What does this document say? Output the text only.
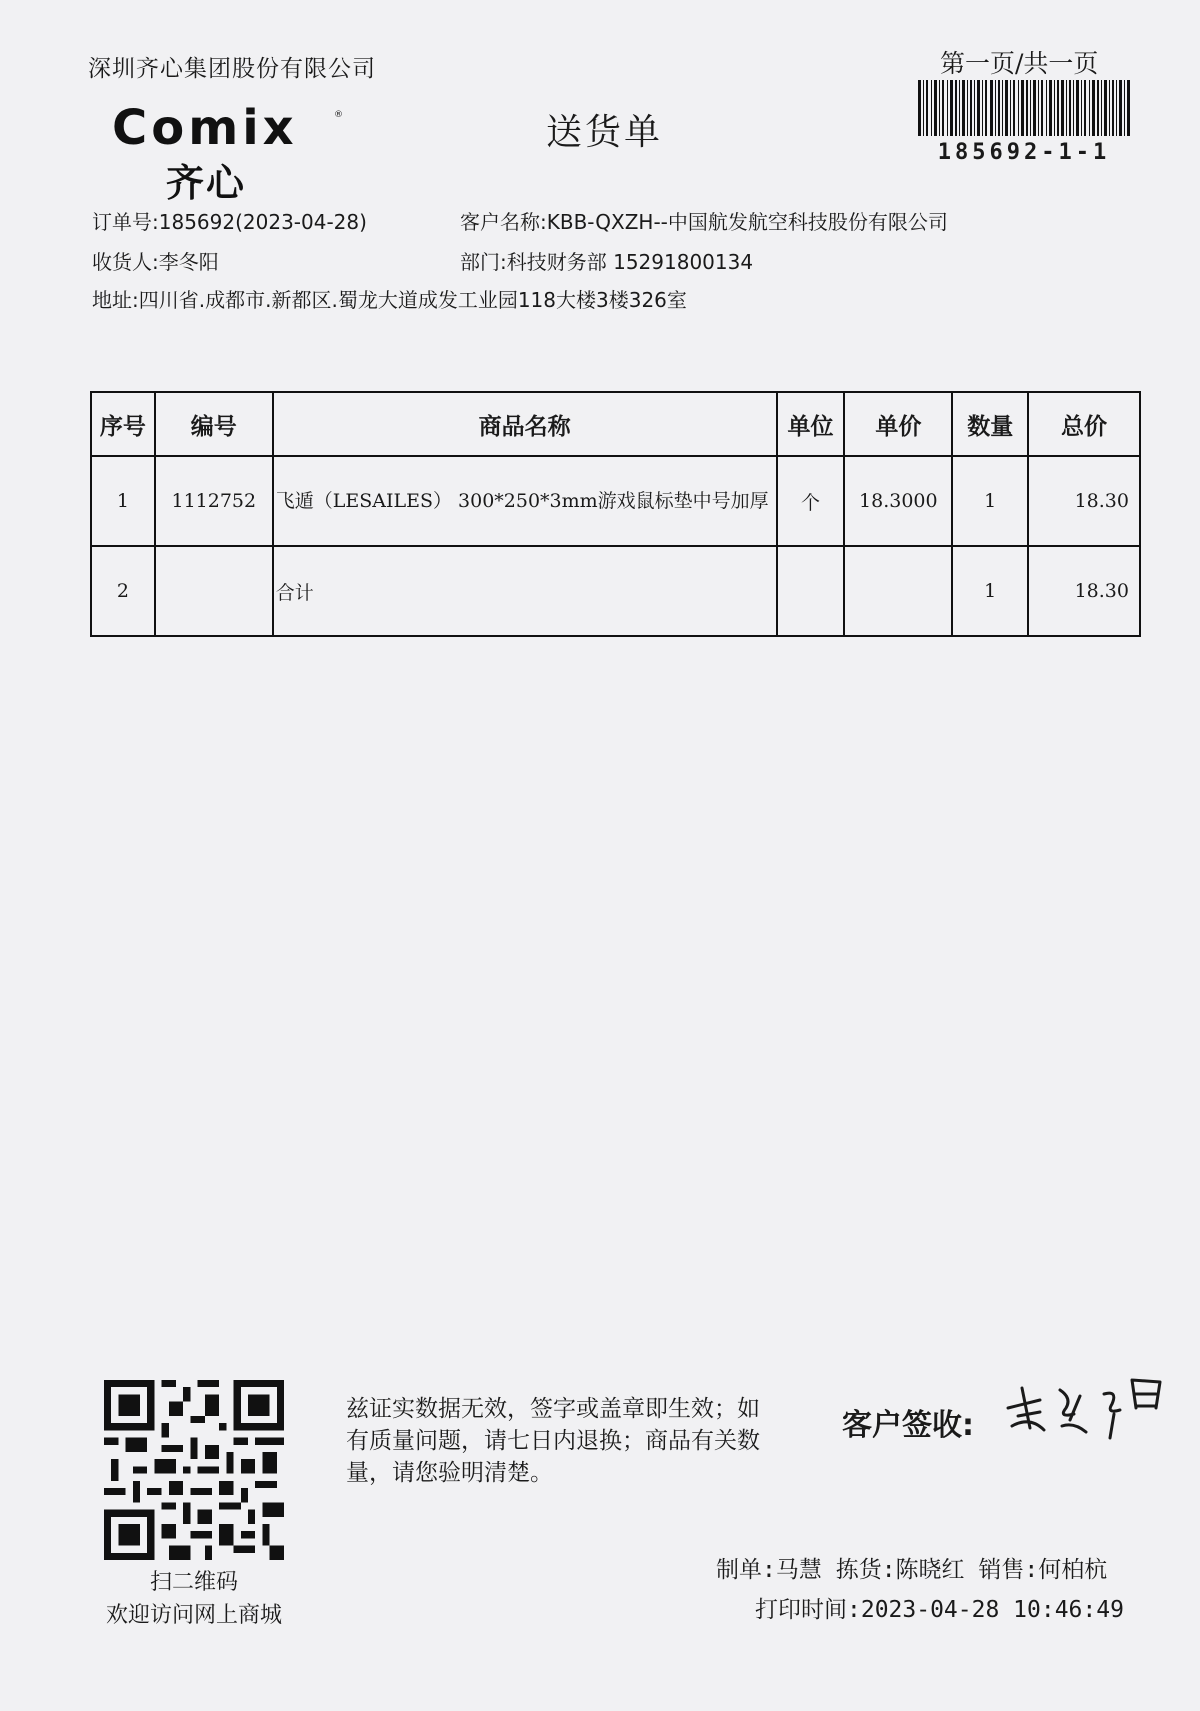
深圳齐心集团股份有限公司	第一页/共一页
185692-1-1
Comix	®
齐心
送货单
订单号:185692(2023-04-28)	客户名称:KBB-QXZH--中国航发航空科技股份有限公司
收货人:李冬阳	部门:科技财务部 15291800134
地址:四川省.成都市.新都区.蜀龙大道成发工业园118大楼3楼326室
序号	编号	商品名称	单位	单价	数量	总价
1	1112752	飞遁（LESAILES） 300*250*3mm游戏鼠标垫中号加厚	个	18.3000	1	18.30
2		合计			1	18.30
扫二维码
欢迎访问网上商城
兹证实数据无效，签字或盖章即生效；如有质量问题，请七日内退换；商品有关数量，请您验明清楚。
客户签收:
制单:马慧 拣货:陈晓红 销售:何柏杭
打印时间:2023-04-28 10:46:49
